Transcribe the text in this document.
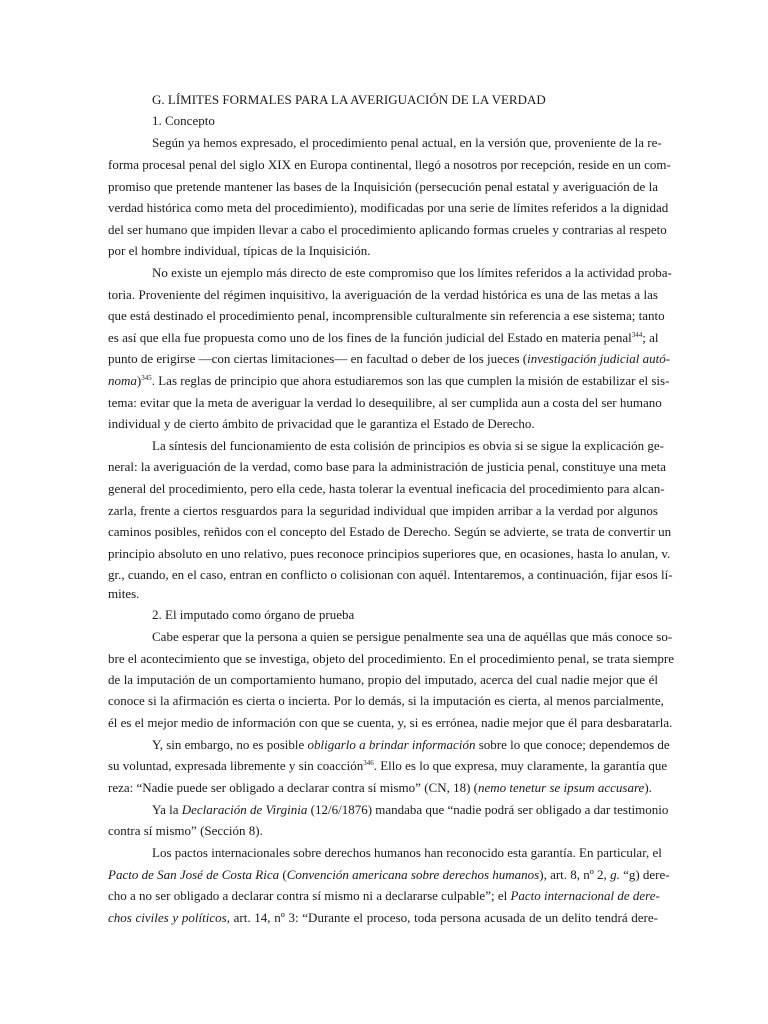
G. LÍMITES FORMALES PARA LA AVERIGUACIÓN DE LA VERDAD
1. Concepto
Según ya hemos expresado, el procedimiento penal actual, en la versión que, proveniente de la re-
forma procesal penal del siglo XIX en Europa continental, llegó a nosotros por recepción, reside en un com-
promiso que pretende mantener las bases de la Inquisición (persecución penal estatal y averiguación de la
verdad histórica como meta del procedimiento), modificadas por una serie de límites referidos a la dignidad
del ser humano que impiden llevar a cabo el procedimiento aplicando formas crueles y contrarias al respeto
por el hombre individual, típicas de la Inquisición.
No existe un ejemplo más directo de este compromiso que los límites referidos a la actividad proba-
toria. Proveniente del régimen inquisitivo, la averiguación de la verdad histórica es una de las metas a las
que está destinado el procedimiento penal, incomprensible culturalmente sin referencia a ese sistema; tanto
es así que ella fue propuesta como uno de los fines de la función judicial del Estado en materia penal$^{344}$; al
punto de erigirse —con ciertas limitaciones— en facultad o deber de los jueces (investigación judicial autó-
noma)$^{345}$. Las reglas de principio que ahora estudiaremos son las que cumplen la misión de estabilizar el sis-
tema: evitar que la meta de averiguar la verdad lo desequilibre, al ser cumplida aun a costa del ser humano
individual y de cierto ámbito de privacidad que le garantiza el Estado de Derecho.
La síntesis del funcionamiento de esta colisión de principios es obvia si se sigue la explicación ge-
neral: la averiguación de la verdad, como base para la administración de justicia penal, constituye una meta
general del procedimiento, pero ella cede, hasta tolerar la eventual ineficacia del procedimiento para alcan-
zarla, frente a ciertos resguardos para la seguridad individual que impiden arribar a la verdad por algunos
caminos posibles, reñidos con el concepto del Estado de Derecho. Según se advierte, se trata de convertir un
principio absoluto en uno relativo, pues reconoce principios superiores que, en ocasiones, hasta lo anulan, v.
gr., cuando, en el caso, entran en conflicto o colisionan con aquél. Intentaremos, a continuación, fijar esos lí-
mites.
2. El imputado como órgano de prueba
Cabe esperar que la persona a quien se persigue penalmente sea una de aquéllas que más conoce so-
bre el acontecimiento que se investiga, objeto del procedimiento. En el procedimiento penal, se trata siempre
de la imputación de un comportamiento humano, propio del imputado, acerca del cual nadie mejor que él
conoce si la afirmación es cierta o incierta. Por lo demás, si la imputación es cierta, al menos parcialmente,
él es el mejor medio de información con que se cuenta, y, si es errónea, nadie mejor que él para desbaratarla.
Y, sin embargo, no es posible obligarlo a brindar información sobre lo que conoce; dependemos de
su voluntad, expresada libremente y sin coacción$^{346}$. Ello es lo que expresa, muy claramente, la garantía que
reza: “Nadie puede ser obligado a declarar contra sí mismo” (CN, 18) (nemo tenetur se ipsum accusare).
Ya la Declaración de Virginia (12/6/1876) mandaba que “nadie podrá ser obligado a dar testimonio
contra sí mismo” (Sección 8).
Los pactos internacionales sobre derechos humanos han reconocido esta garantía. En particular, el
Pacto de San José de Costa Rica (Convención americana sobre derechos humanos), art. 8, nº 2, g. “g) dere-
cho a no ser obligado a declarar contra sí mismo ni a declararse culpable”; el Pacto internacional de dere-
chos civiles y políticos, art. 14, nº 3: “Durante el proceso, toda persona acusada de un delito tendrá dere-
